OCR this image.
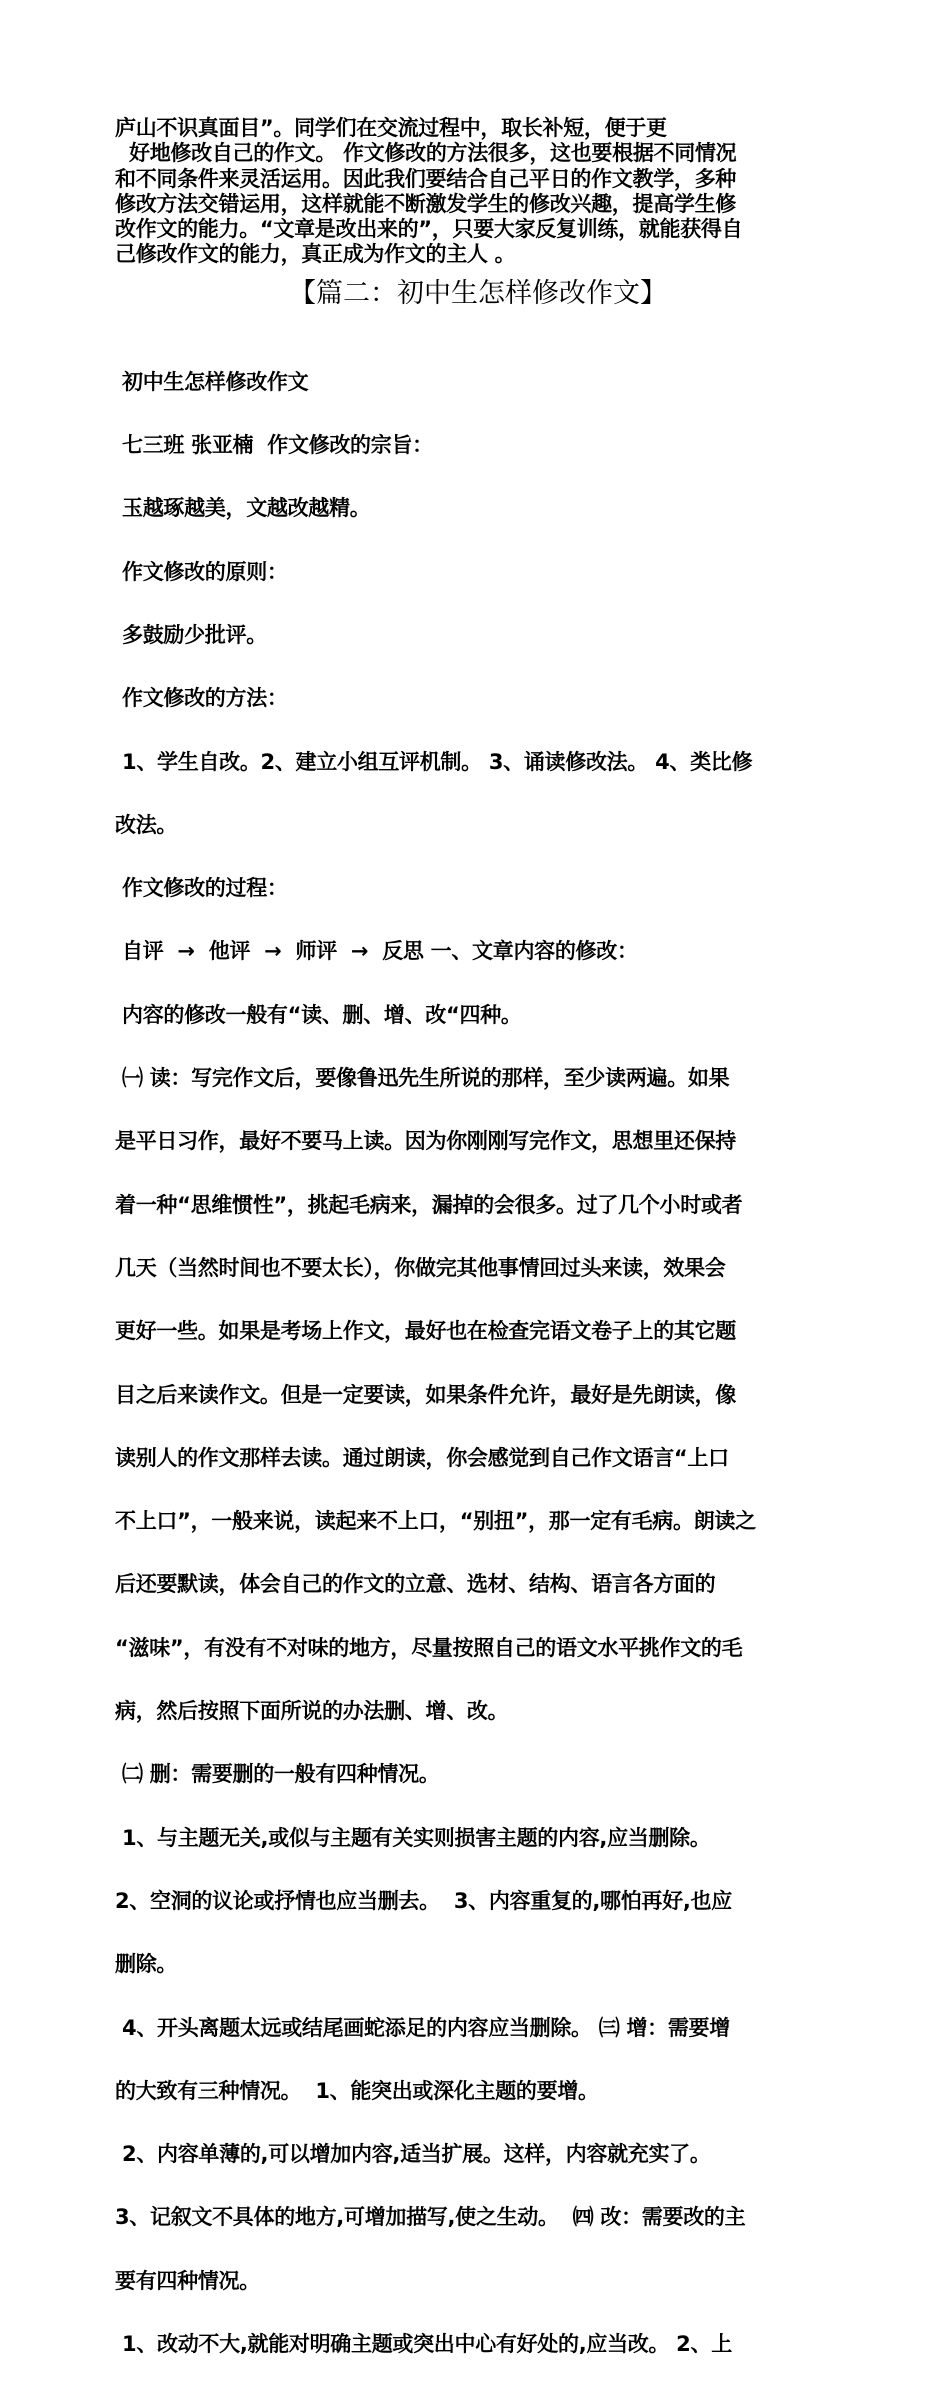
庐山不识真面目”。同学们在交流过程中，取长补短，便于更
好地修改自己的作文。 作文修改的方法很多，这也要根据不同情况
和不同条件来灵活运用。因此我们要结合自己平日的作文教学，多种
修改方法交错运用，这样就能不断激发学生的修改兴趣，提高学生修
改作文的能力。“文章是改出来的”，只要大家反复训练，就能获得自
己修改作文的能力，真正成为作文的主人 。
【篇二：初中生怎样修改作文】

初中生怎样修改作文

七三班 张亚楠  作文修改的宗旨：

玉越琢越美，文越改越精。

作文修改的原则：

多鼓励少批评。

作文修改的方法：

1、学生自改。2、建立小组互评机制。 3、诵读修改法。 4、类比修

改法。

作文修改的过程：

自评  →  他评  →  师评  →  反思 一、文章内容的修改：

内容的修改一般有“读、删、增、改“四种。

㈠ 读：写完作文后，要像鲁迅先生所说的那样，至少读两遍。如果

是平日习作，最好不要马上读。因为你刚刚写完作文，思想里还保持

着一种“思维惯性”，挑起毛病来，漏掉的会很多。过了几个小时或者

几天（当然时间也不要太长），你做完其他事情回过头来读，效果会

更好一些。如果是考场上作文，最好也在检查完语文卷子上的其它题

目之后来读作文。但是一定要读，如果条件允许，最好是先朗读，像

读别人的作文那样去读。通过朗读，你会感觉到自己作文语言“上口

不上口”，一般来说，读起来不上口，“别扭”，那一定有毛病。朗读之

后还要默读，体会自己的作文的立意、选材、结构、语言各方面的

“滋味”，有没有不对味的地方，尽量按照自己的语文水平挑作文的毛

病，然后按照下面所说的办法删、增、改。

㈡ 删：需要删的一般有四种情况。

1、与主题无关,或似与主题有关实则损害主题的内容,应当删除。

2、空洞的议论或抒情也应当删去。  3、内容重复的,哪怕再好,也应

删除。

4、开头离题太远或结尾画蛇添足的内容应当删除。 ㈢ 增：需要增

的大致有三种情况。  1、能突出或深化主题的要增。

2、内容单薄的,可以增加内容,适当扩展。这样，内容就充实了。

3、记叙文不具体的地方,可增加描写,使之生动。  ㈣ 改：需要改的主

要有四种情况。

1、改动不大,就能对明确主题或突出中心有好处的,应当改。 2、上
